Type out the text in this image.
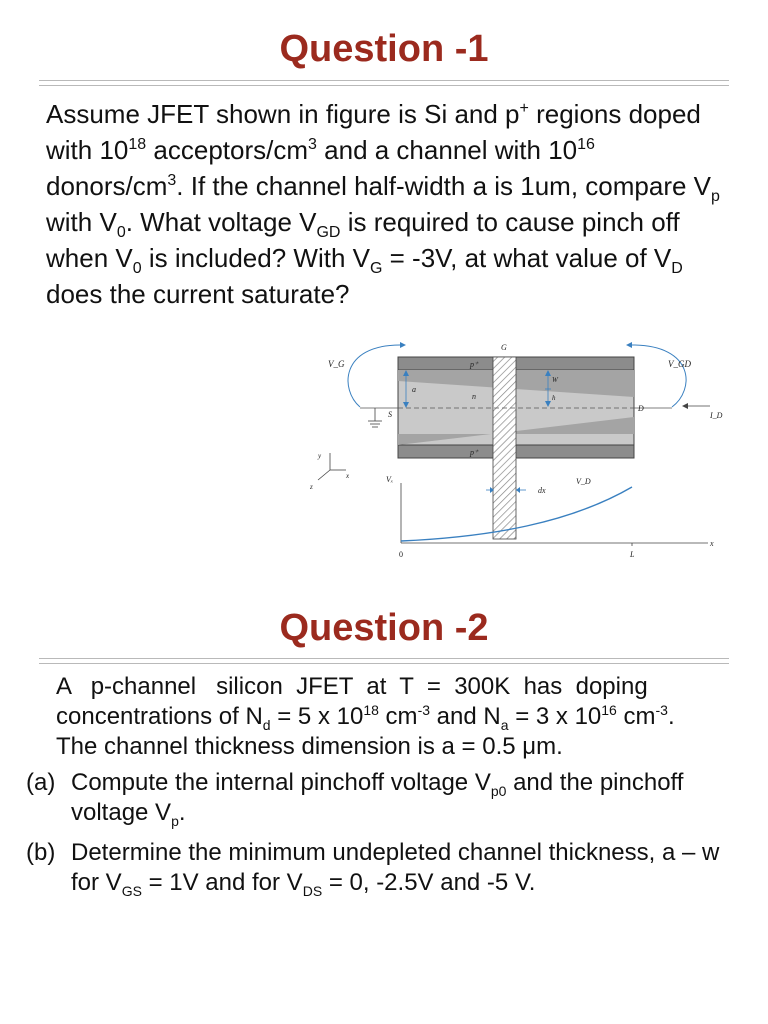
Question -1

Assume JFET shown in figure is Si and p+ regions doped with $10^{18}$ acceptors/$cm^3$ and a channel with $10^{16}$ donors/$cm^3$. If the channel half-width a is 1um, compare $V_p$ with $V_0$. What voltage $V_{GD}$ is required to cause pinch off when $V_0$ is included? With $V_G = -3V$, at what value of $V_D$ does the current saturate?

V_G	V_GD
G
p⁺
p⁺
n
a
W
h
S
D
I_D
Vₓ	V_D
dx
0	L
x
y
z
x
Question -2

A   p-channel   silicon  JFET  at  T  =  300K  has  doping

concentrations of $N_d = 5$ x $10^{18}$ $cm^{-3}$ and $N_a = 3$ x $10^{16}$ $cm^{-3}$.

The channel thickness dimension is a = 0.5 μm.

(a) Compute the internal pinchoff voltage $V_{p0}$ and the pinchoff voltage $V_p$.

(b) Determine the minimum undepleted channel thickness, a – w for $V_{GS} = 1V$ and for $V_{DS} = 0$, -2.5V and -5 V.
